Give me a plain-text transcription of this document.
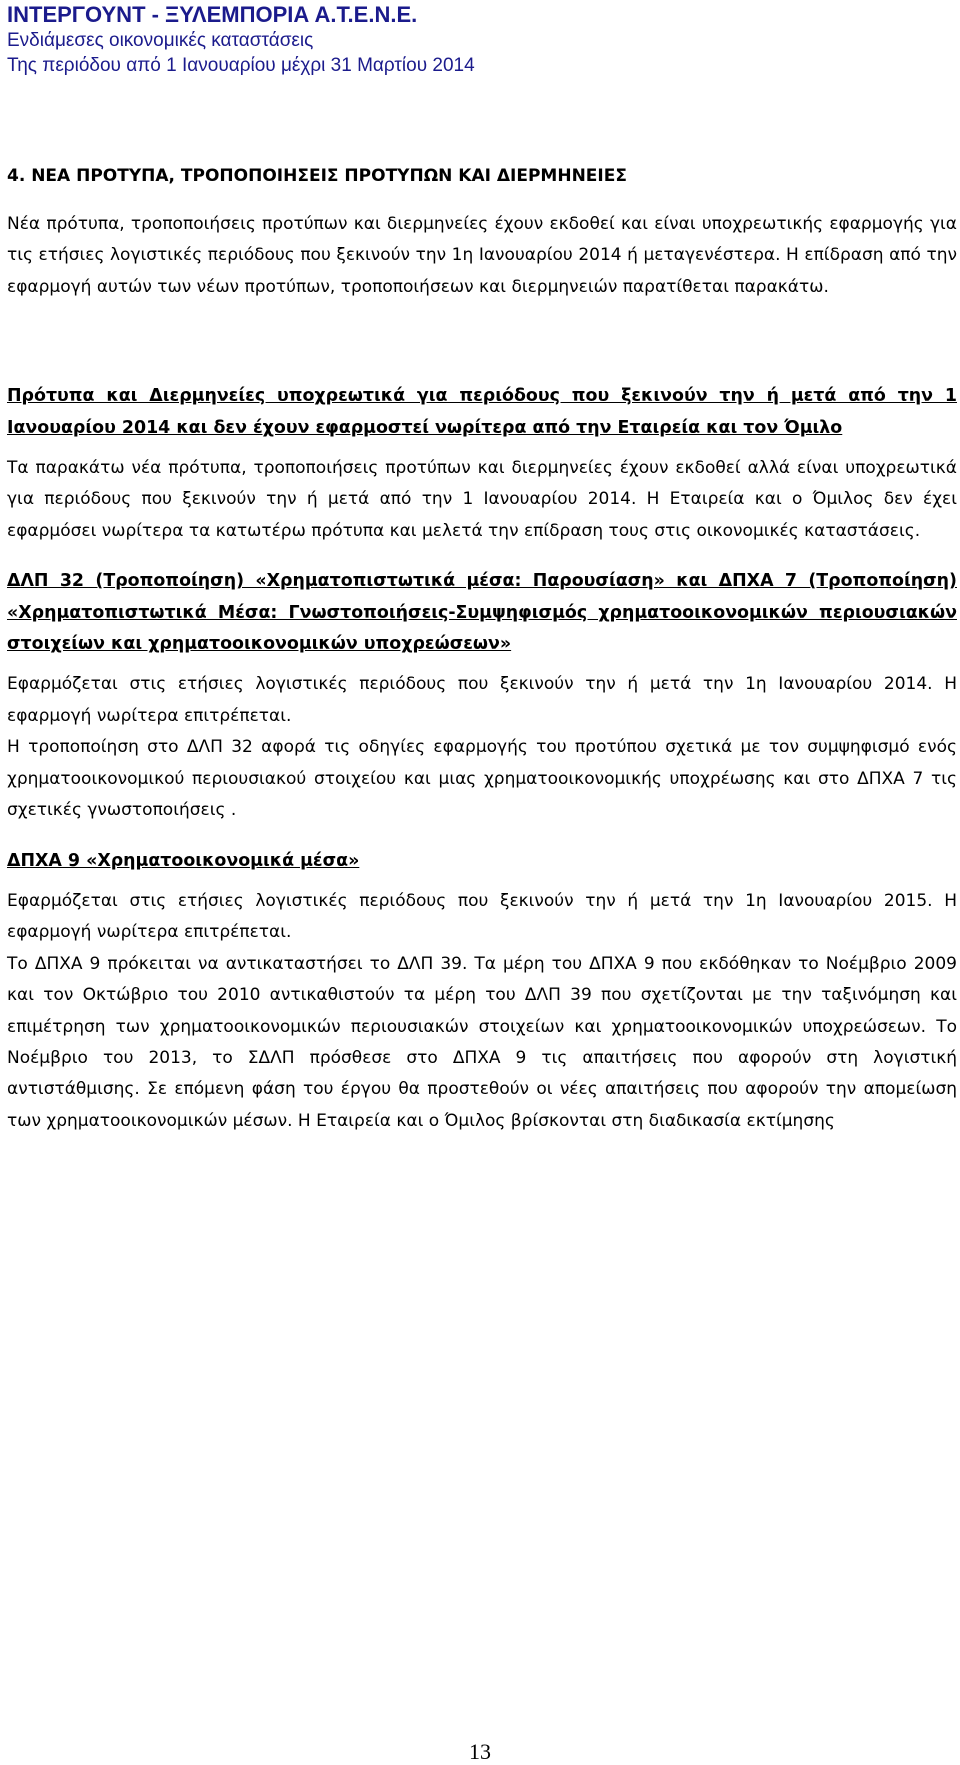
ΙΝΤΕΡΓΟΥΝΤ - ΞΥΛΕΜΠΟΡΙΑ Α.Τ.Ε.Ν.Ε.
Ενδιάμεσες οικονομικές καταστάσεις
Της περιόδου από 1 Ιανουαρίου μέχρι 31 Μαρτίου 2014
4. ΝΕΑ ΠΡΟΤΥΠΑ, ΤΡΟΠΟΠΟΙΗΣΕΙΣ ΠΡΟΤΥΠΩΝ ΚΑΙ ΔΙΕΡΜΗΝΕΙΕΣ

Νέα πρότυπα, τροποποιήσεις προτύπων και διερμηνείες έχουν εκδοθεί και είναι υποχρεωτικής εφαρμογής για τις ετήσιες λογιστικές περιόδους που ξεκινούν την 1η Ιανουαρίου 2014 ή μεταγενέστερα. Η επίδραση από την εφαρμογή αυτών των νέων προτύπων, τροποποιήσεων και διερμηνειών παρατίθεται παρακάτω.

Πρότυπα και Διερμηνείες υποχρεωτικά για περιόδους που ξεκινούν την ή μετά από την 1 Ιανουαρίου 2014 και δεν έχουν εφαρμοστεί νωρίτερα από την Εταιρεία και τον Όμιλο

Τα παρακάτω νέα πρότυπα, τροποποιήσεις προτύπων και διερμηνείες έχουν εκδοθεί αλλά είναι υποχρεωτικά για περιόδους που ξεκινούν την ή μετά από την 1 Ιανουαρίου 2014. Η Εταιρεία και ο Όμιλος δεν έχει εφαρμόσει νωρίτερα τα κατωτέρω πρότυπα και μελετά την επίδραση τους στις οικονομικές καταστάσεις.

ΔΛΠ 32 (Τροποποίηση) «Χρηματοπιστωτικά μέσα: Παρουσίαση» και ΔΠΧΑ 7 (Τροποποίηση) «Χρηματοπιστωτικά Μέσα: Γνωστοποιήσεις-Συμψηφισμός χρηματοοικονομικών περιουσιακών στοιχείων και χρηματοοικονομικών υποχρεώσεων»

Εφαρμόζεται στις ετήσιες λογιστικές περιόδους που ξεκινούν την ή μετά την 1η Ιανουαρίου 2014. Η εφαρμογή νωρίτερα επιτρέπεται.

Η τροποποίηση στο ΔΛΠ 32 αφορά τις οδηγίες εφαρμογής του προτύπου σχετικά με τον συμψηφισμό ενός χρηματοοικονομικού περιουσιακού στοιχείου και μιας χρηματοοικονομικής υποχρέωσης και στο ΔΠΧΑ 7 τις σχετικές γνωστοποιήσεις .

ΔΠΧΑ 9 «Χρηματοοικονομικά μέσα»

Εφαρμόζεται στις ετήσιες λογιστικές περιόδους που ξεκινούν την ή μετά την 1η Ιανουαρίου 2015. Η εφαρμογή νωρίτερα επιτρέπεται.

Το ΔΠΧΑ 9 πρόκειται να αντικαταστήσει το ΔΛΠ 39. Τα μέρη του ΔΠΧΑ 9 που εκδόθηκαν το Νοέμβριο 2009 και τον Οκτώβριο του 2010 αντικαθιστούν τα μέρη του ΔΛΠ 39 που σχετίζονται με την ταξινόμηση και επιμέτρηση των χρηματοοικονομικών περιουσιακών στοιχείων και χρηματοοικονομικών υποχρεώσεων. Το Νοέμβριο του 2013, το ΣΔΛΠ πρόσθεσε στο ΔΠΧΑ 9 τις απαιτήσεις που αφορούν στη λογιστική αντιστάθμισης. Σε επόμενη φάση του έργου θα προστεθούν οι νέες απαιτήσεις που αφορούν την απομείωση των χρηματοοικονομικών μέσων. Η Εταιρεία και ο Όμιλος βρίσκονται στη διαδικασία εκτίμησης

13
